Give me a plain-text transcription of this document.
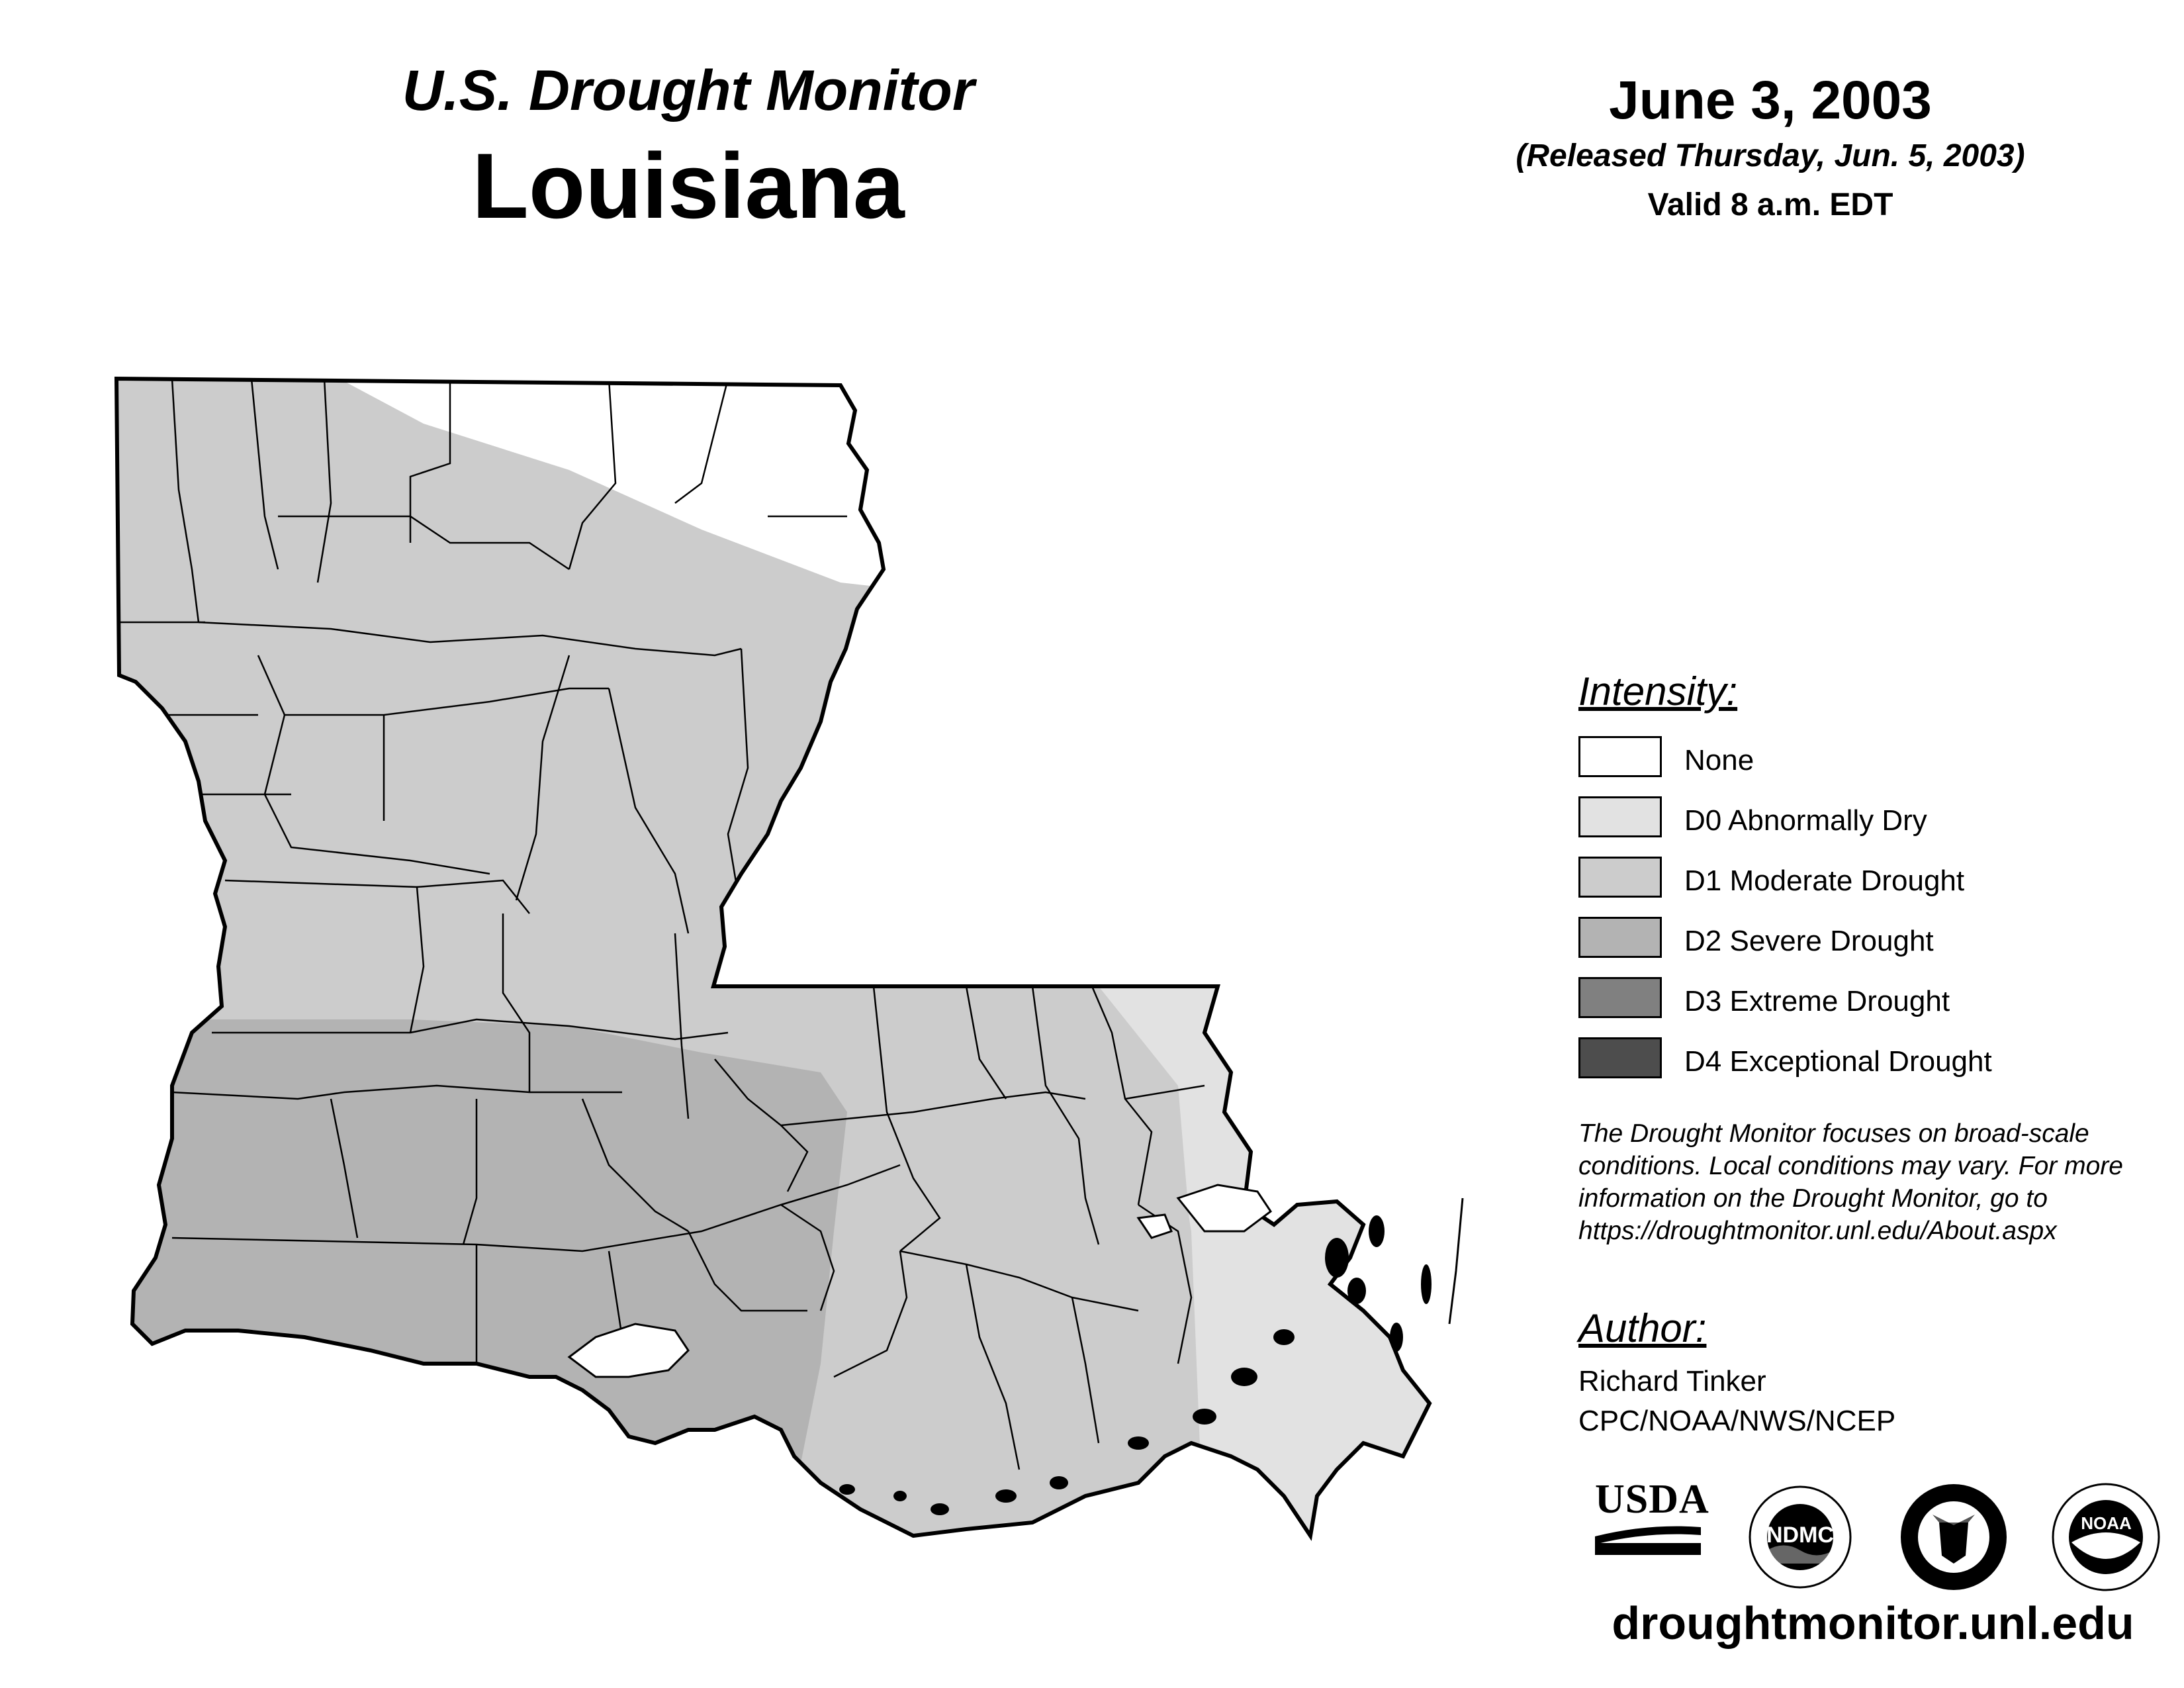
U.S. Drought Monitor
Louisiana
June 3, 2003
(Released Thursday, Jun. 5, 2003)
Valid 8 a.m. EDT
Intensity:
None
D0 Abnormally Dry
D1 Moderate Drought
D2 Severe Drought
D3 Extreme Drought
D4 Exceptional Drought
The Drought Monitor focuses on broad-scale
conditions. Local conditions may vary. For more
information on the Drought Monitor, go to
https://droughtmonitor.unl.edu/About.aspx
Author:
Richard Tinker
CPC/NOAA/NWS/NCEP
USDA
NDMC	NOAA
droughtmonitor.unl.edu
